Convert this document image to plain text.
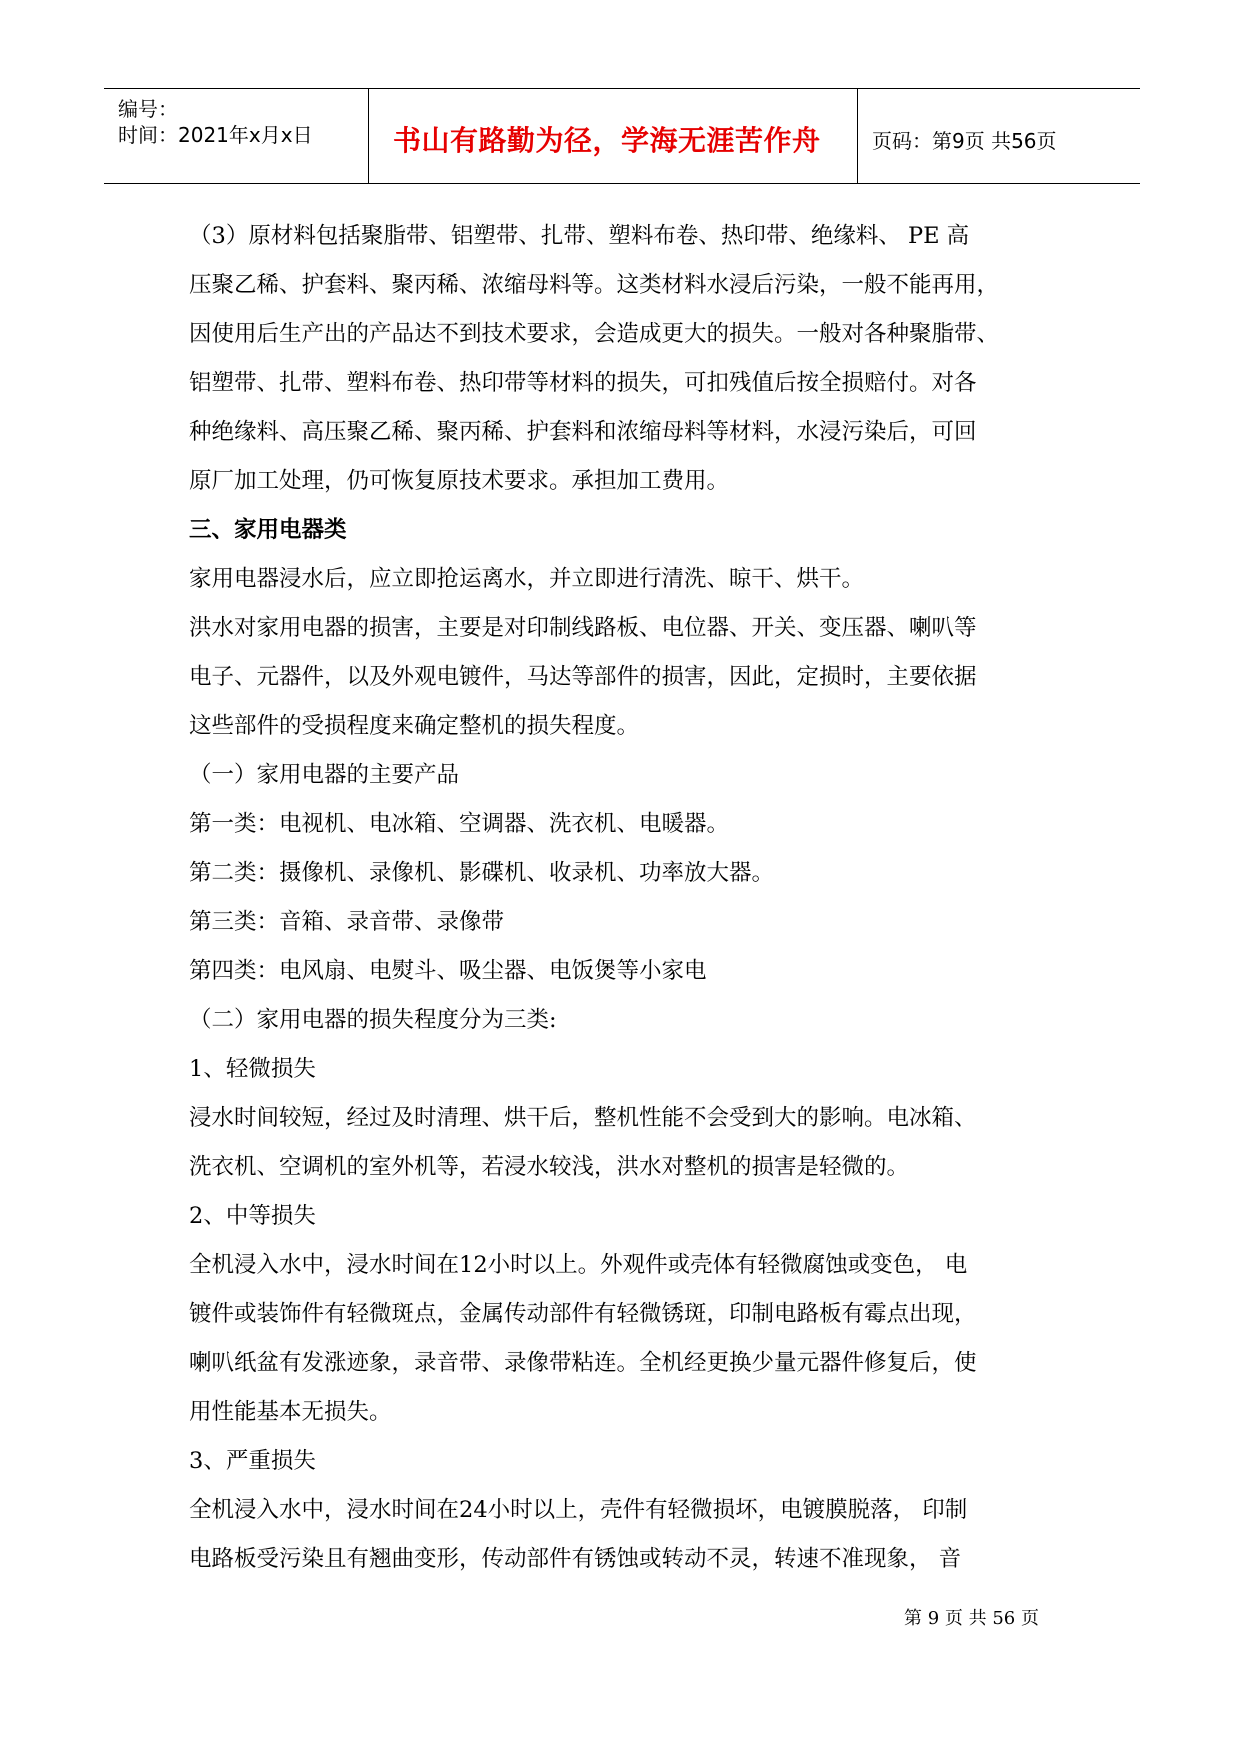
编号：
时间：2021年x月x日	书山有路勤为径，学海无涯苦作舟	页码：第9页 共56页

（3）原材料包括聚脂带、铝塑带、扎带、塑料布卷、热印带、绝缘料、 PE 高

压聚乙稀、护套料、聚丙稀、浓缩母料等。这类材料水浸后污染，一般不能再用，

因使用后生产出的产品达不到技术要求，会造成更大的损失。一般对各种聚脂带、

铝塑带、扎带、塑料布卷、热印带等材料的损失，可扣残值后按全损赔付。对各

种绝缘料、高压聚乙稀、聚丙稀、护套料和浓缩母料等材料，水浸污染后，可回

原厂加工处理，仍可恢复原技术要求。承担加工费用。

三、家用电器类

家用电器浸水后，应立即抢运离水，并立即进行清洗、晾干、烘干。

洪水对家用电器的损害，主要是对印制线路板、电位器、开关、变压器、喇叭等

电子、元器件，以及外观电镀件，马达等部件的损害，因此，定损时，主要依据

这些部件的受损程度来确定整机的损失程度。

（一）家用电器的主要产品

第一类：电视机、电冰箱、空调器、洗衣机、电暖器。

第二类：摄像机、录像机、影碟机、收录机、功率放大器。

第三类：音箱、录音带、录像带

第四类：电风扇、电熨斗、吸尘器、电饭煲等小家电

（二）家用电器的损失程度分为三类:

1、轻微损失

浸水时间较短，经过及时清理、烘干后，整机性能不会受到大的影响。电冰箱、

洗衣机、空调机的室外机等，若浸水较浅，洪水对整机的损害是轻微的。

2、中等损失

全机浸入水中，浸水时间在12小时以上。外观件或壳体有轻微腐蚀或变色， 电

镀件或装饰件有轻微斑点，金属传动部件有轻微锈斑，印制电路板有霉点出现，

喇叭纸盆有发涨迹象，录音带、录像带粘连。全机经更换少量元器件修复后，使

用性能基本无损失。

3、严重损失

全机浸入水中，浸水时间在24小时以上，壳件有轻微损坏，电镀膜脱落， 印制

电路板受污染且有翘曲变形，传动部件有锈蚀或转动不灵，转速不准现象， 音

第 9 页 共 56 页
